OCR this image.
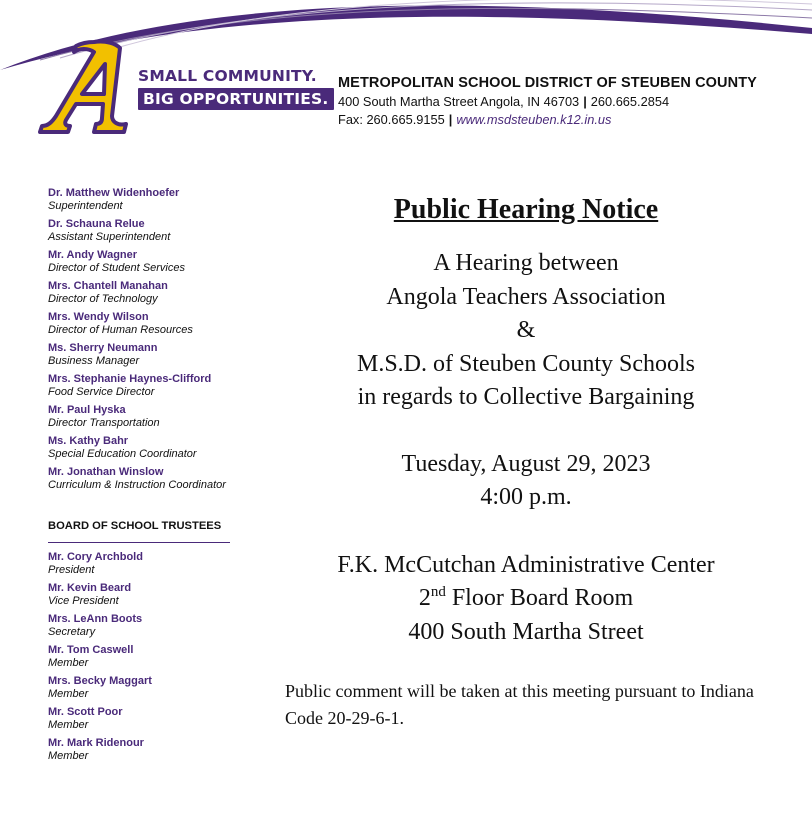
SMALL COMMUNITY.
BIG OPPORTUNITIES.
METROPOLITAN SCHOOL DISTRICT OF STEUBEN COUNTY
400 South Martha Street Angola, IN 46703 | 260.665.2854
Fax: 260.665.9155 | www.msdsteuben.k12.in.us
Dr. Matthew Widenhoefer
Superintendent
Dr. Schauna Relue
Assistant Superintendent
Mr. Andy Wagner
Director of Student Services
Mrs. Chantell Manahan
Director of Technology
Mrs. Wendy Wilson
Director of Human Resources
Ms. Sherry Neumann
Business Manager
Mrs. Stephanie Haynes-Clifford
Food Service Director
Mr. Paul Hyska
Director Transportation
Ms. Kathy Bahr
Special Education Coordinator
Mr. Jonathan Winslow
Curriculum & Instruction Coordinator
BOARD OF SCHOOL TRUSTEES
Mr. Cory Archbold
President
Mr. Kevin Beard
Vice President
Mrs. LeAnn Boots
Secretary
Mr. Tom Caswell
Member
Mrs. Becky Maggart
Member
Mr. Scott Poor
Member
Mr. Mark Ridenour
Member
Public Hearing Notice
A Hearing between
Angola Teachers Association
&
M.S.D. of Steuben County Schools
in regards to Collective Bargaining
Tuesday, August 29, 2023
4:00 p.m.
F.K. McCutchan Administrative Center
2nd Floor Board Room
400 South Martha Street
Public comment will be taken at this meeting pursuant to Indiana Code 20-29-6-1.
